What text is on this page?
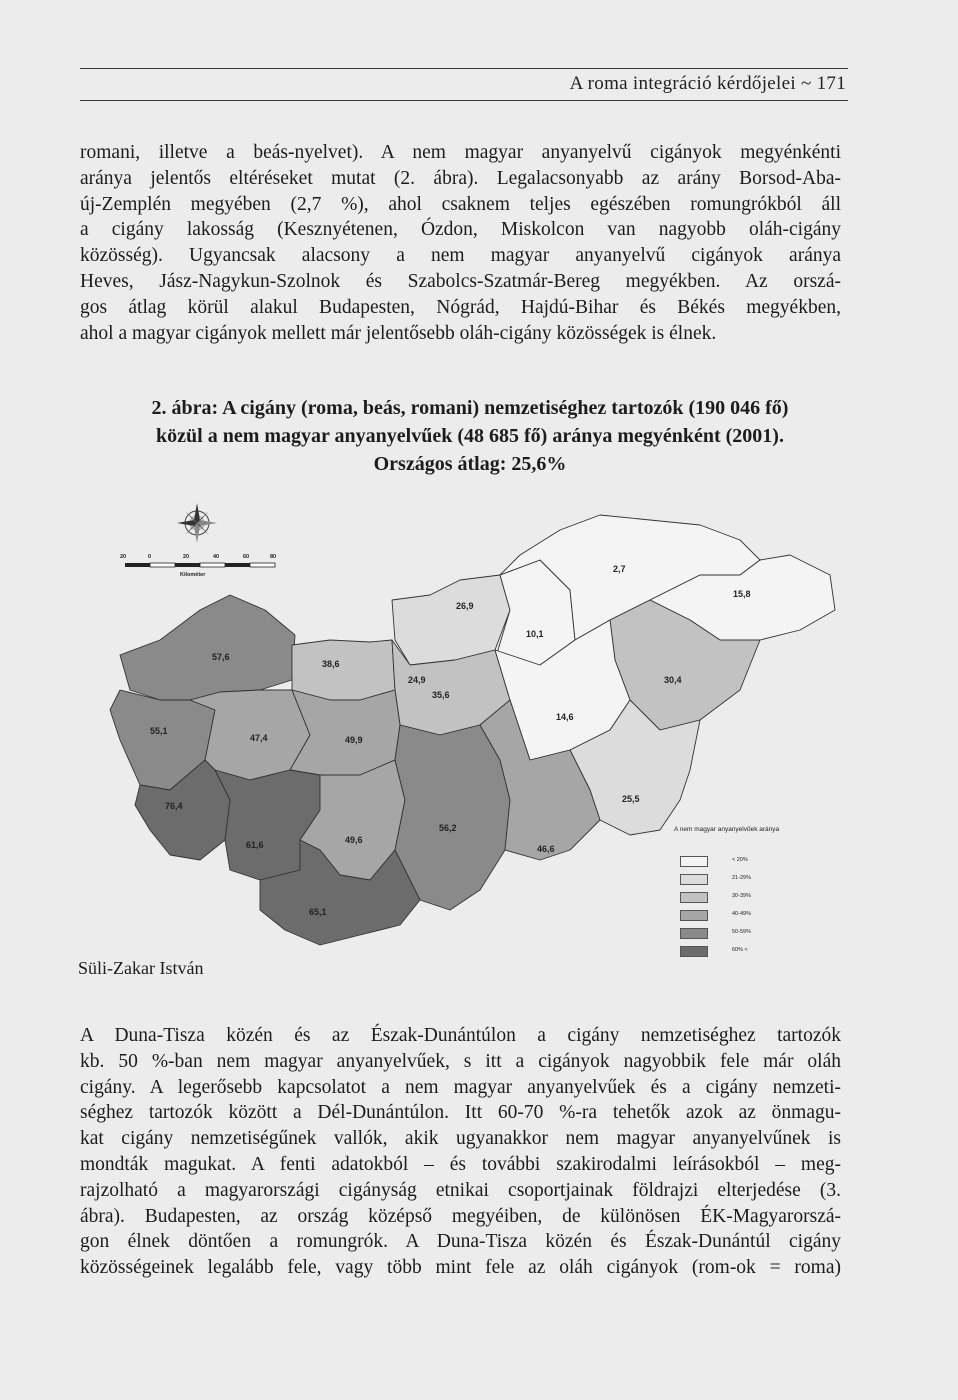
A roma integráció kérdőjelei ~ 171
romani, illetve a beás-nyelvet). A nem magyar anyanyelvű cigányok megyénkénti
aránya jelentős eltéréseket mutat (2. ábra). Legalacsonyabb az arány Borsod-Aba-
új-Zemplén megyében (2,7 %), ahol csaknem teljes egészében romungrókból áll
a cigány lakosság (Kesznyétenen, Ózdon, Miskolcon van nagyobb oláh-cigány
közösség). Ugyancsak alacsony a nem magyar anyanyelvű cigányok aránya
Heves, Jász-Nagykun-Szolnok és Szabolcs-Szatmár-Bereg megyékben. Az orszá-
gos átlag körül alakul Budapesten, Nógrád, Hajdú-Bihar és Békés megyékben,
ahol a magyar cigányok mellett már jelentősebb oláh-cigány közösségek is élnek.
2. ábra: A cigány (roma, beás, romani) nemzetiséghez tartozók (190 046 fő)
közül a nem magyar anyanyelvűek (48 685 fő) aránya megyénként (2001).
Országos átlag: 25,6%
2,7
15,8
26,9
10,1
57,6
38,6
24,9
35,6
30,4
14,6
55,1
47,4	49,9
25,5
76,4
61,6	49,6
56,2
46,6
65,1
20	0	20	40	60	80
Kilométer
A nem magyar anyanyelvűek aránya
< 20%
21-29%
30-39%
40-49%
50-59%
60% <
Süli-Zakar István
A Duna-Tisza közén és az Észak-Dunántúlon a cigány nemzetiséghez tartozók
kb. 50 %-ban nem magyar anyanyelvűek, s itt a cigányok nagyobbik fele már oláh
cigány. A legerősebb kapcsolatot a nem magyar anyanyelvűek és a cigány nemzeti-
séghez tartozók között a Dél-Dunántúlon. Itt 60-70 %-ra tehetők azok az önmagu-
kat cigány nemzetiségűnek vallók, akik ugyanakkor nem magyar anyanyelvűnek is
mondták magukat. A fenti adatokból – és további szakirodalmi leírásokból – meg-
rajzolható a magyarországi cigányság etnikai csoportjainak földrajzi elterjedése (3.
ábra). Budapesten, az ország középső megyéiben, de különösen ÉK-Magyarorszá-
gon élnek döntően a romungrók. A Duna-Tisza közén és Észak-Dunántúl cigány
közösségeinek legalább fele, vagy több mint fele az oláh cigányok (rom-ok = roma)
